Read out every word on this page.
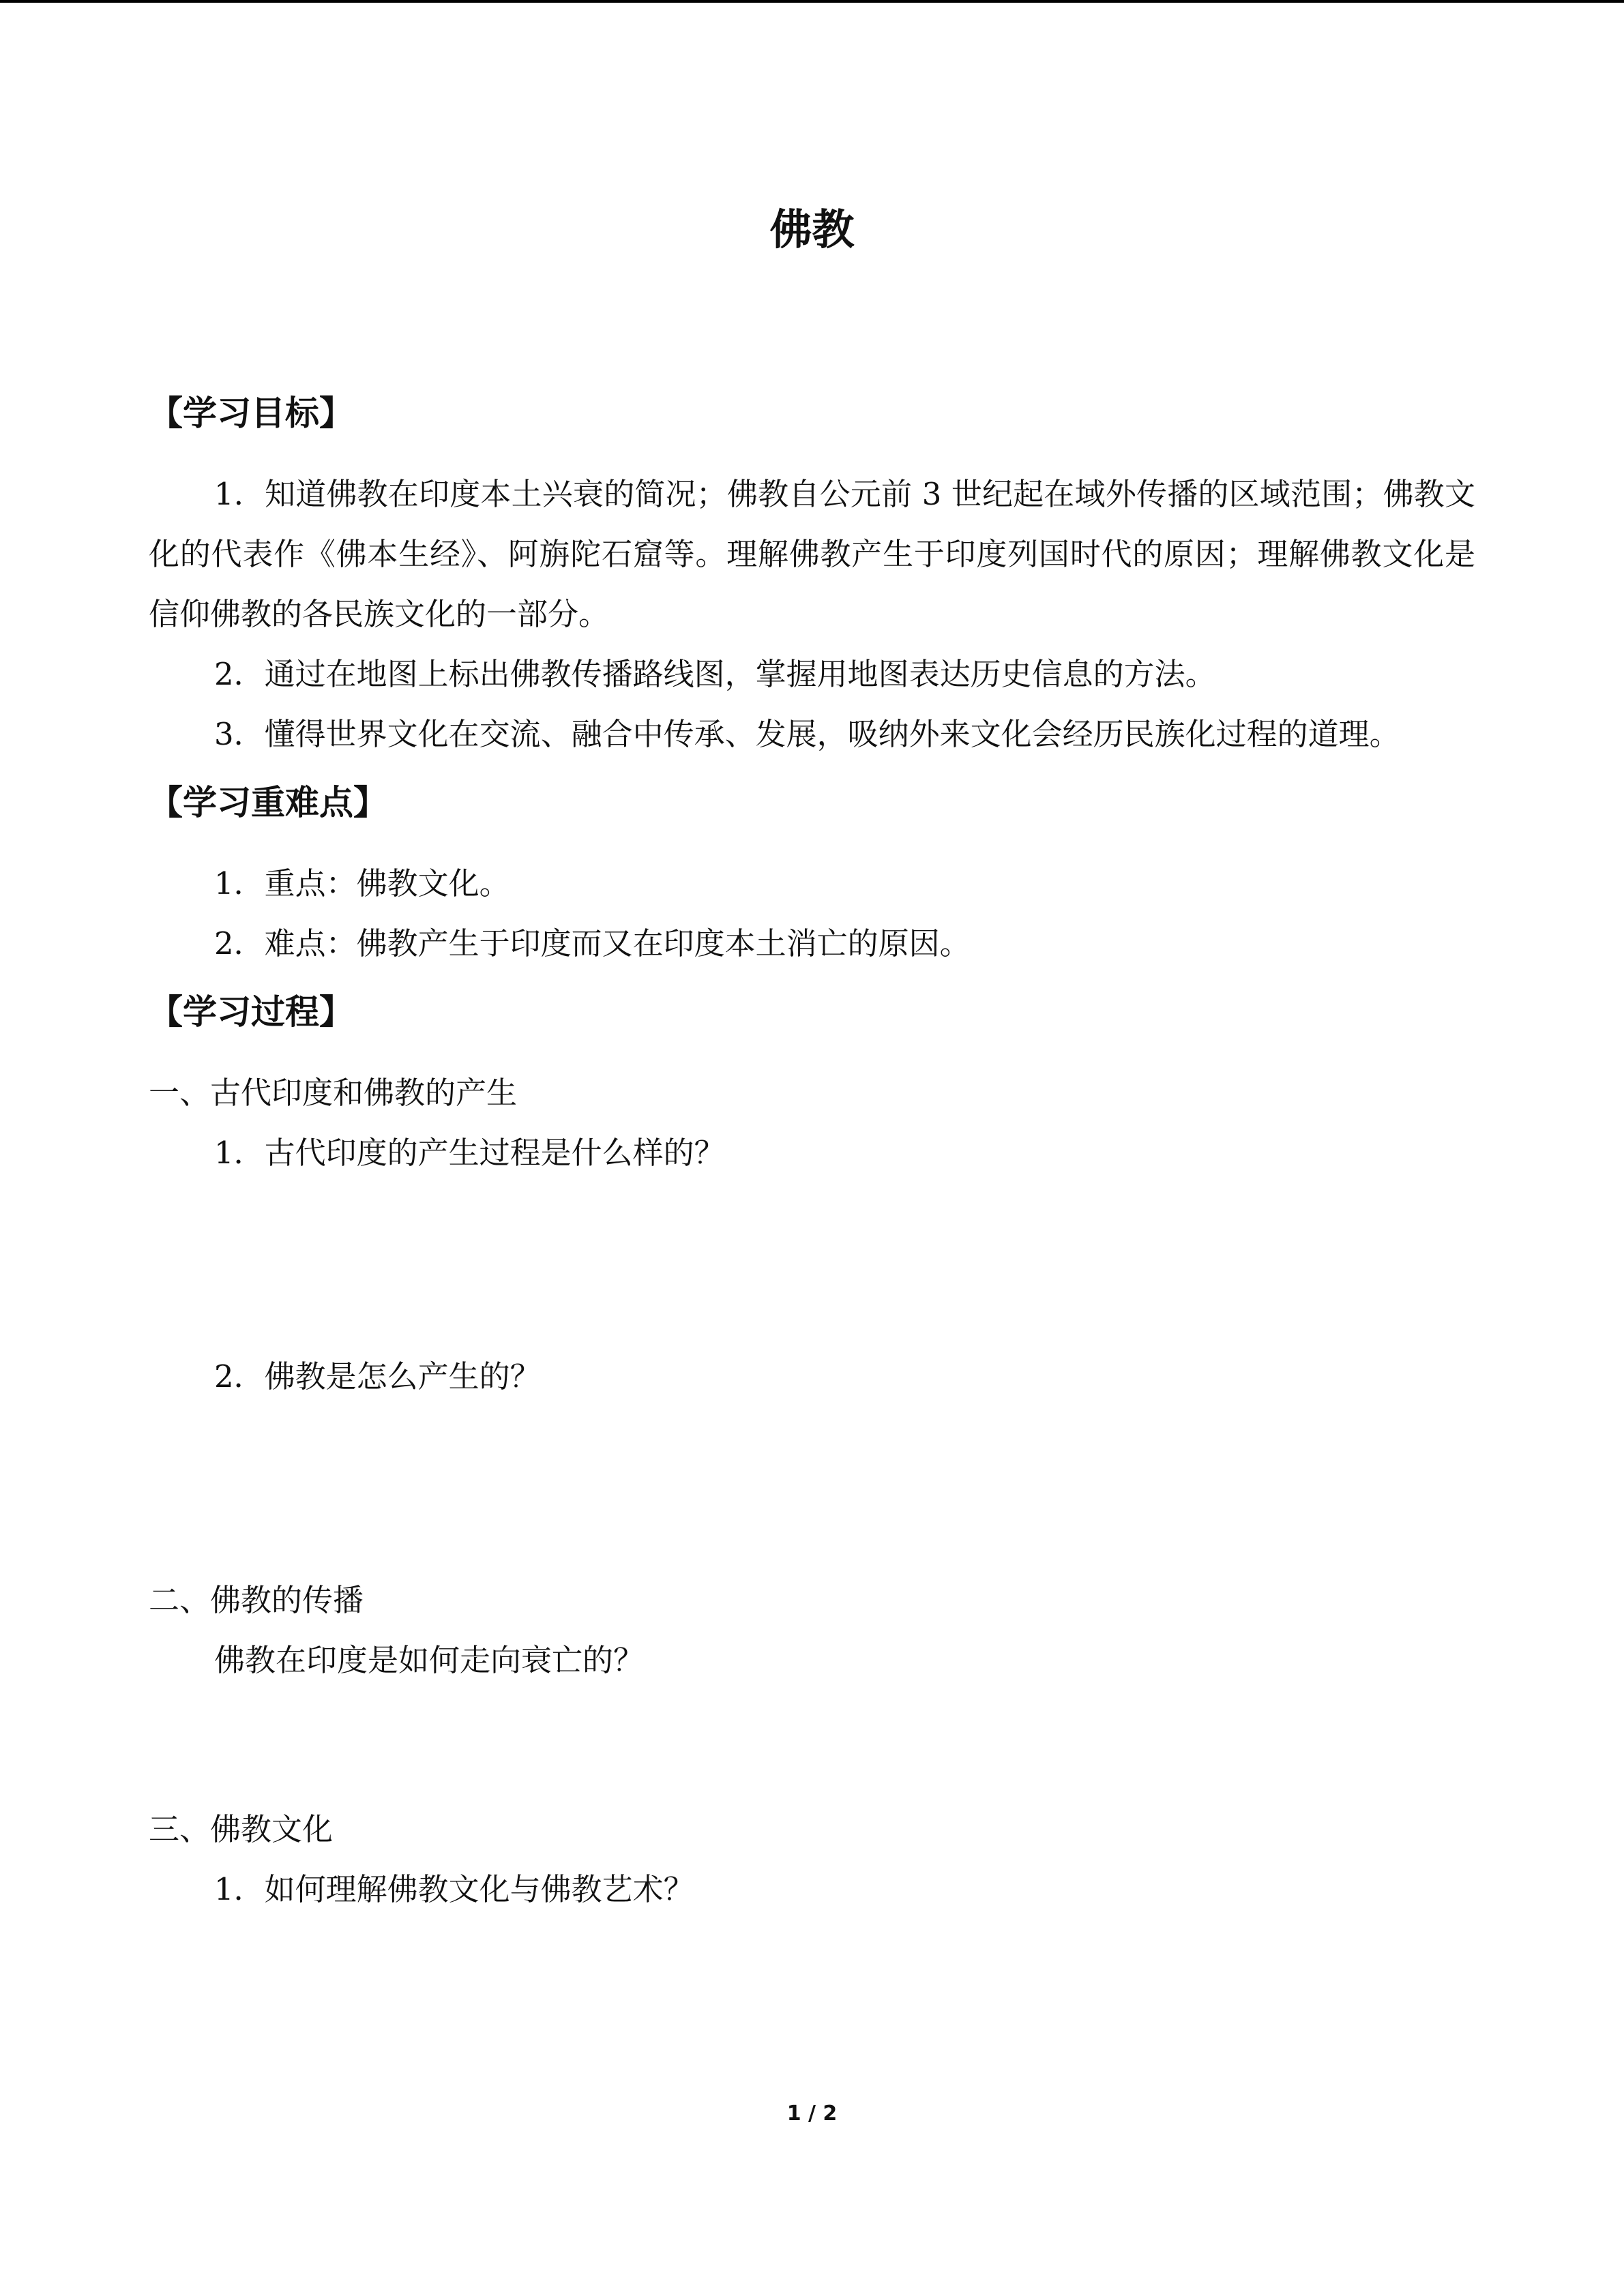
佛教
【学习目标】

1．知道佛教在印度本土兴衰的简况；佛教自公元前 3 世纪起在域外传播的区域范围；佛教文化的代表作《佛本生经》、阿旃陀石窟等。理解佛教产生于印度列国时代的原因；理解佛教文化是信仰佛教的各民族文化的一部分。

2．通过在地图上标出佛教传播路线图，掌握用地图表达历史信息的方法。

3．懂得世界文化在交流、融合中传承、发展，吸纳外来文化会经历民族化过程的道理。

【学习重难点】

1．重点：佛教文化。

2．难点：佛教产生于印度而又在印度本土消亡的原因。

【学习过程】

一、古代印度和佛教的产生

1．古代印度的产生过程是什么样的？

2．佛教是怎么产生的？

二、佛教的传播

佛教在印度是如何走向衰亡的？

三、佛教文化

1．如何理解佛教文化与佛教艺术？

1 / 2
